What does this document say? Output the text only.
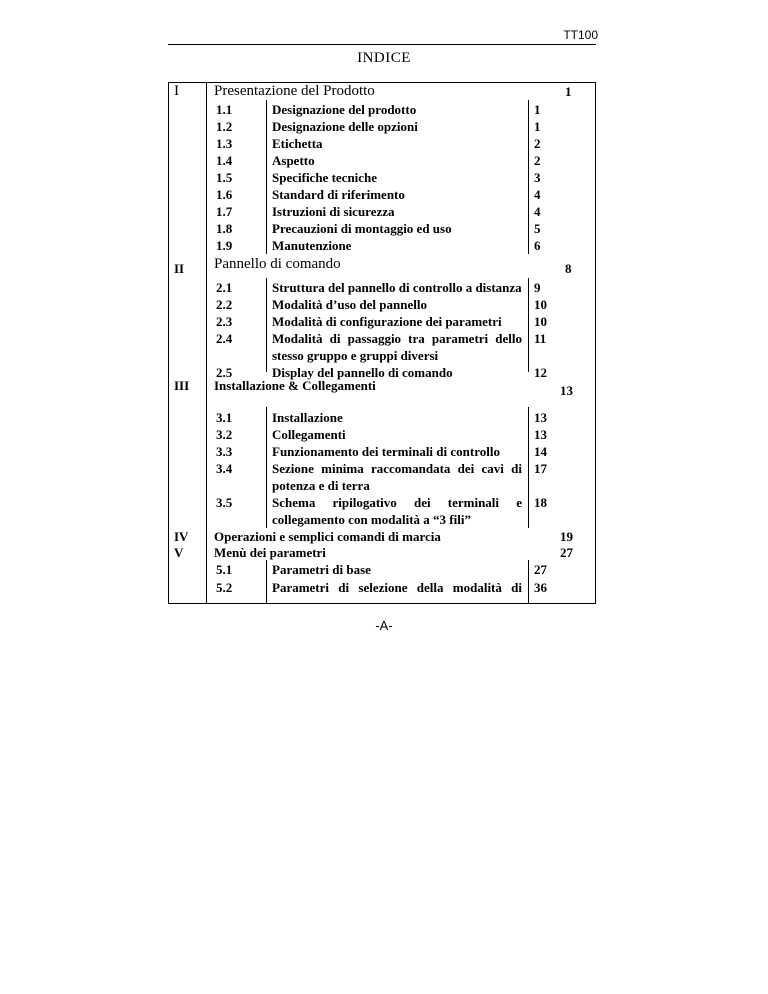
TT100
INDICE
I Presentazione del Prodotto	1
1.1	Designazione del prodotto	1
1.2	Designazione delle opzioni	1
1.3	Etichetta	2
1.4	Aspetto	2
1.5	Specifiche tecniche	3
1.6	Standard di riferimento	4
1.7	Istruzioni di sicurezza	4
1.8	Precauzioni di montaggio ed uso	5
1.9	Manutenzione	6
II Pannello di comando	8
2.1	Struttura del pannello di controllo a distanza 9
2.2	Modalità d’uso del pannello	10
2.3	Modalità di configurazione dei parametri 10
2.4	Modalità di passaggio tra parametri dello 11
stesso gruppo e gruppi diversi
2.5	Display del pannello di comando	12
III Installazione & Collegamenti	13
3.1	Installazione	13
3.2	Collegamenti	13
3.3	Funzionamento dei terminali di controllo	14
3.4	Sezione minima raccomandata dei cavi di 17
potenza e di terra
3.5	Schema ripilogativo dei terminali e 18
collegamento con modalità a “3 fili”
IV Operazioni e semplici comandi di marcia	19
V Menù dei parametri	27
5.1	Parametri di base	27
5.2	Parametri di selezione della modalità di 36
-A-
